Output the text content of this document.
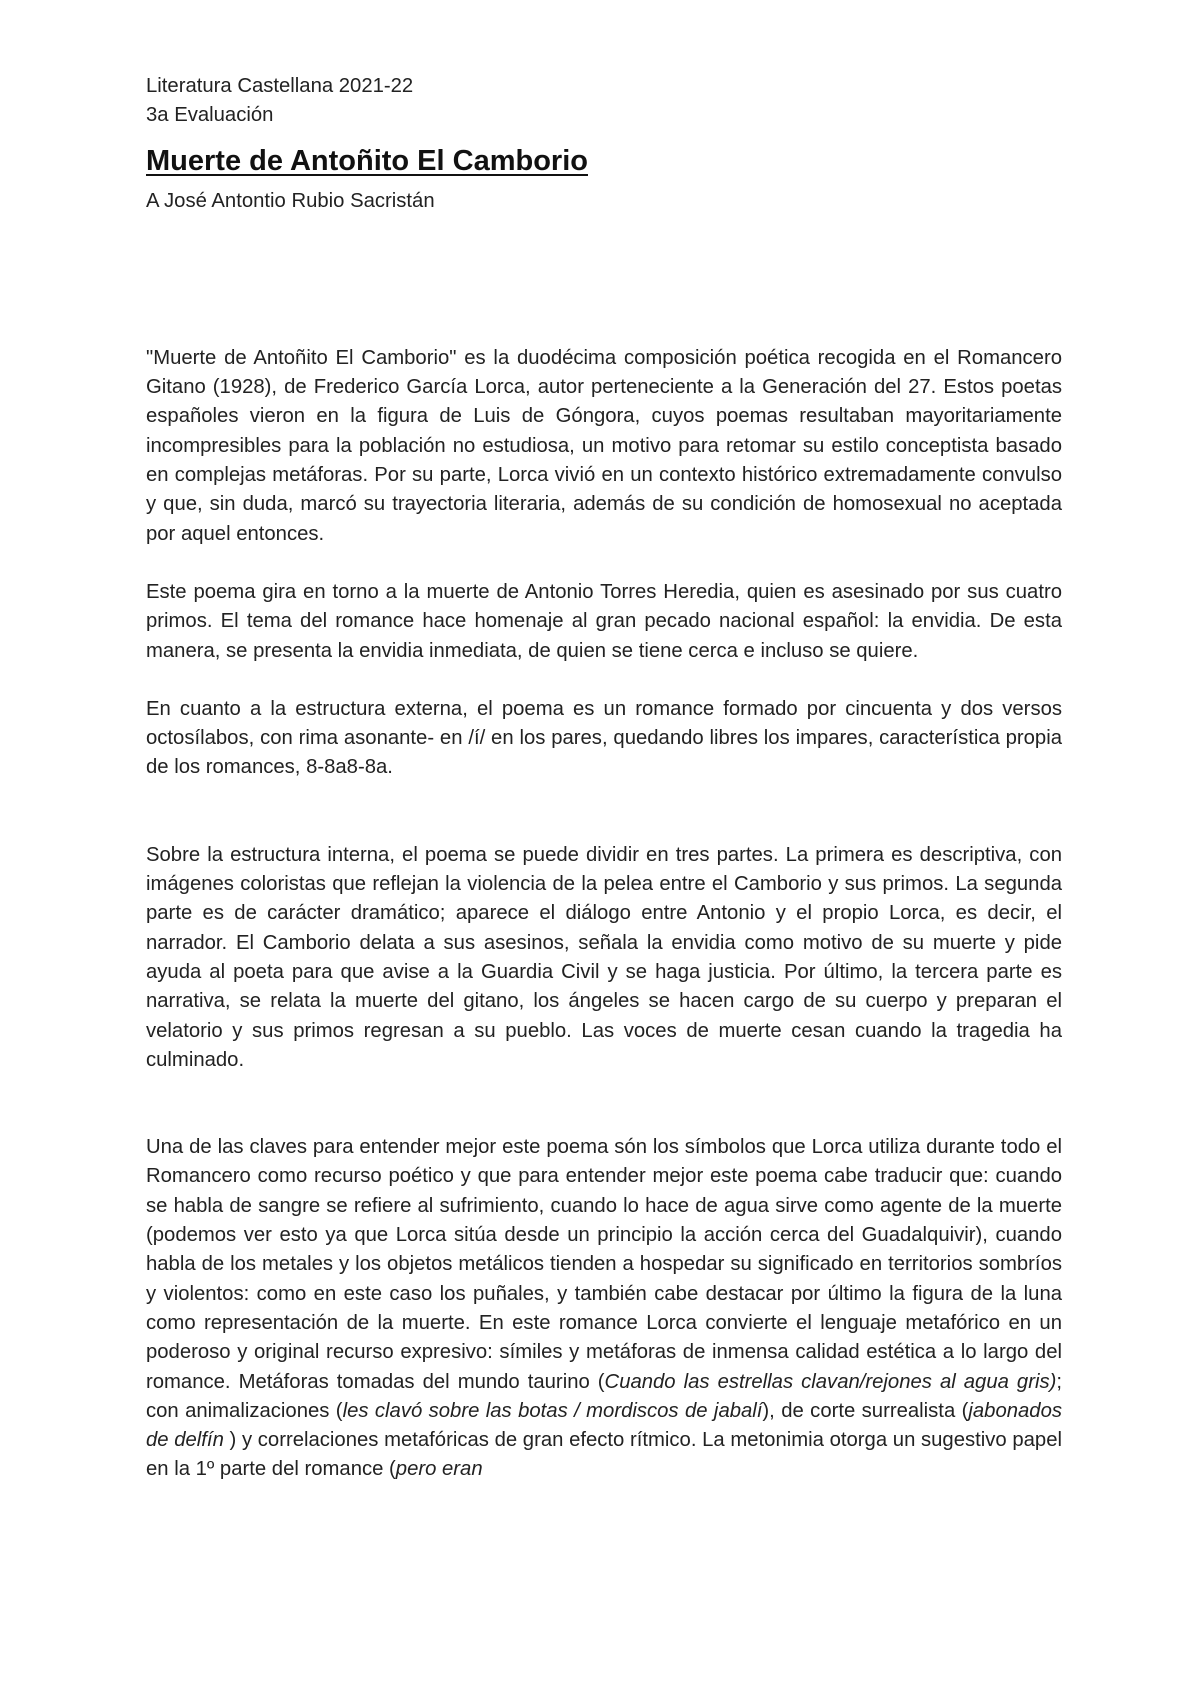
Literatura Castellana 2021-22

3a Evaluación

Muerte de Antoñito El Camborio

A José Antontio Rubio Sacristán

"Muerte de Antoñito El Camborio" es la duodécima composición poética recogida en el Romancero Gitano (1928), de Frederico García Lorca, autor perteneciente a la Generación del 27. Estos poetas españoles vieron en la figura de Luis de Góngora, cuyos poemas resultaban mayoritariamente incompresibles para la población no estudiosa, un motivo para retomar su estilo conceptista basado en complejas metáforas. Por su parte, Lorca vivió en un contexto histórico extremadamente convulso y que, sin duda, marcó su trayectoria literaria, además de su condición de homosexual no aceptada por aquel entonces.

Este poema gira en torno a la muerte de Antonio Torres Heredia, quien es asesinado por sus cuatro primos. El tema del romance hace homenaje al gran pecado nacional español: la envidia. De esta manera, se presenta la envidia inmediata, de quien se tiene cerca e incluso se quiere.

En cuanto a la estructura externa, el poema es un romance formado por cincuenta y dos versos octosílabos, con rima asonante- en /í/ en los pares, quedando libres los impares, característica propia de los romances, 8-8a8-8a.

Sobre la estructura interna, el poema se puede dividir en tres partes. La primera es descriptiva, con imágenes coloristas que reflejan la violencia de la pelea entre el Camborio y sus primos. La segunda parte es de carácter dramático; aparece el diálogo entre Antonio y el propio Lorca, es decir, el narrador. El Camborio delata a sus asesinos, señala la envidia como motivo de su muerte y pide ayuda al poeta para que avise a la Guardia Civil y se haga justicia. Por último, la tercera parte es narrativa, se relata la muerte del gitano, los ángeles se hacen cargo de su cuerpo y preparan el velatorio y sus primos regresan a su pueblo. Las voces de muerte cesan cuando la tragedia ha culminado.

Una de las claves para entender mejor este poema són los símbolos que Lorca utiliza durante todo el Romancero como recurso poético y que para entender mejor este poema cabe traducir que: cuando se habla de sangre se refiere al sufrimiento, cuando lo hace de agua sirve como agente de la muerte (podemos ver esto ya que Lorca sitúa desde un principio la acción cerca del Guadalquivir), cuando habla de los metales y los objetos metálicos tienden a hospedar su significado en territorios sombríos y violentos: como en este caso los puñales, y también cabe destacar por último la figura de la luna como representación de la muerte. En este romance Lorca convierte el lenguaje metafórico en un poderoso y original recurso expresivo: símiles y metáforas de inmensa calidad estética a lo largo del romance. Metáforas tomadas del mundo taurino (Cuando las estrellas clavan/rejones al agua gris); con animalizaciones (les clavó sobre las botas / mordiscos de jabalí), de corte surrealista (jabonados de delfín ) y correlaciones metafóricas de gran efecto rítmico. La metonimia otorga un sugestivo papel en la 1º parte del romance (pero eran
